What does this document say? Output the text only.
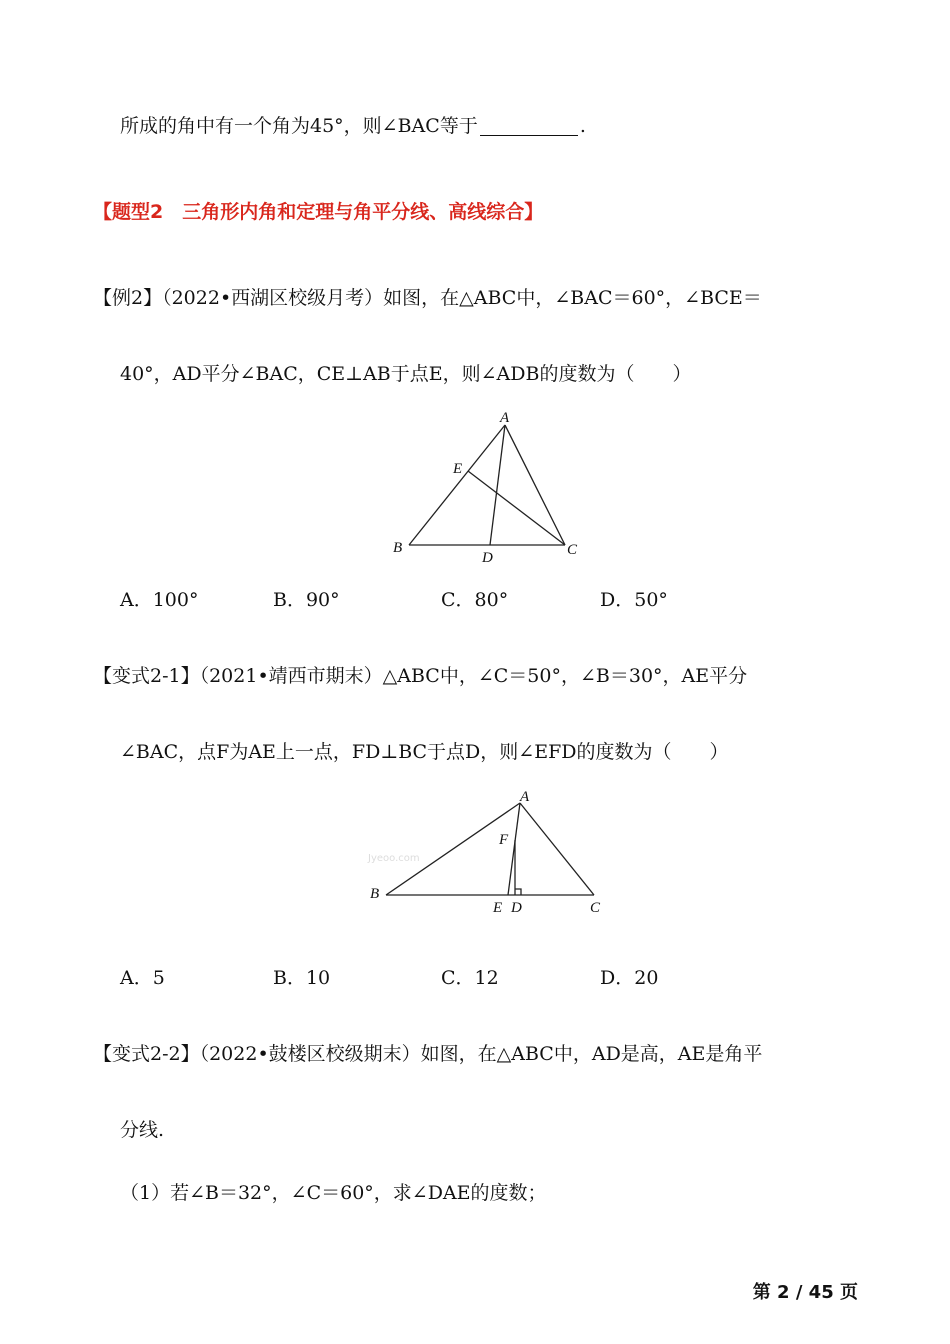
所成的角中有一个角为45°，则∠BAC等于	.
【题型2　三角形内角和定理与角平分线、高线综合】
【例2】（2022•西湖区校级月考）如图，在△ABC中，∠BAC＝60°，∠BCE＝
40°，AD平分∠BAC，CE⊥AB于点E，则∠ADB的度数为（　　）
A
E
B
D	C
A．100°	B．90°	C．80°	D．50°
【变式2-1】（2021•靖西市期末）△ABC中，∠C＝50°，∠B＝30°，AE平分
∠BAC，点F为AE上一点，FD⊥BC于点D，则∠EFD的度数为（　　）
Jyeoo.com
A
F
B
E D	C
A．5	B．10	C．12	D．20
【变式2-2】（2022•鼓楼区校级期末）如图，在△ABC中，AD是高，AE是角平
分线.
（1）若∠B＝32°，∠C＝60°，求∠DAE的度数；
第 2 / 45 页
